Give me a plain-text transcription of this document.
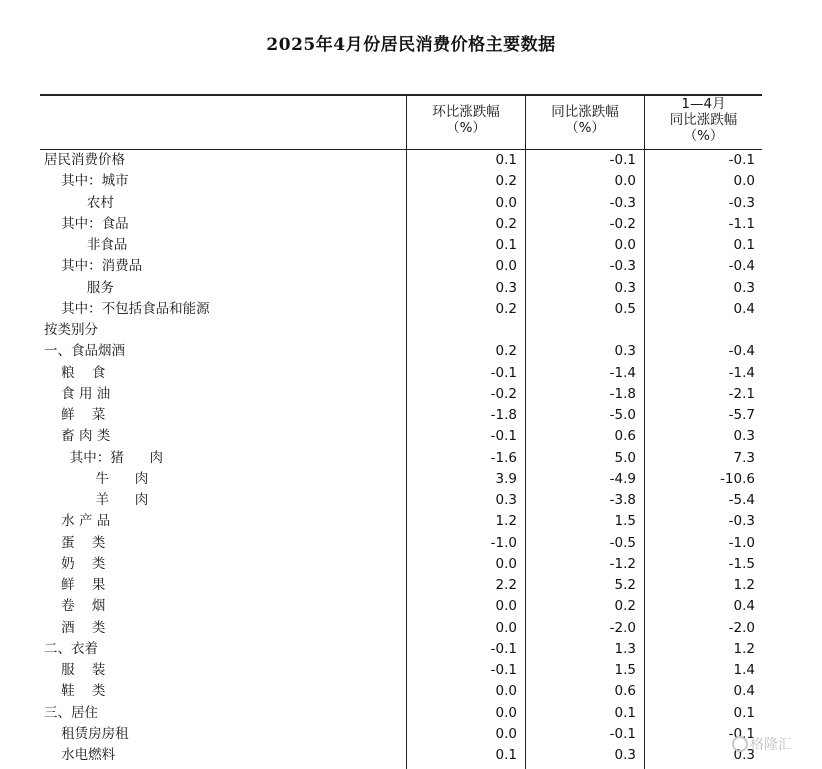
2025年4月份居民消费价格主要数据
环比涨跌幅
（%）
同比涨跌幅
（%）
1—4月
同比涨跌幅
（%）
居民消费价格	0.1	-0.1	-0.1
其中：城市	0.2	0.0	0.0
农村	0.0	-0.3	-0.3
其中：食品	0.2	-0.2	-1.1
非食品	0.1	0.0	0.1
其中：消费品	0.0	-0.3	-0.4
服务	0.3	0.3	0.3
其中：不包括食品和能源	0.2	0.5	0.4
按类别分
一、食品烟酒	0.2	0.3	-0.4
粮    食	-0.1	-1.4	-1.4
食 用 油	-0.2	-1.8	-2.1
鲜    菜	-1.8	-5.0	-5.7
畜 肉 类	-0.1	0.6	0.3
其中：猪      肉	-1.6	5.0	7.3
牛      肉	3.9	-4.9	-10.6
羊      肉	0.3	-3.8	-5.4
水 产 品	1.2	1.5	-0.3
蛋    类	-1.0	-0.5	-1.0
奶    类	0.0	-1.2	-1.5
鲜    果	2.2	5.2	1.2
卷    烟	0.0	0.2	0.4
酒    类	0.0	-2.0	-2.0
二、衣着	-0.1	1.3	1.2
服    装	-0.1	1.5	1.4
鞋    类	0.0	0.6	0.4
三、居住	0.0	0.1	0.1
租赁房房租	0.0	-0.1	-0.1
水电燃料	0.1	0.3	0.3
格隆汇
